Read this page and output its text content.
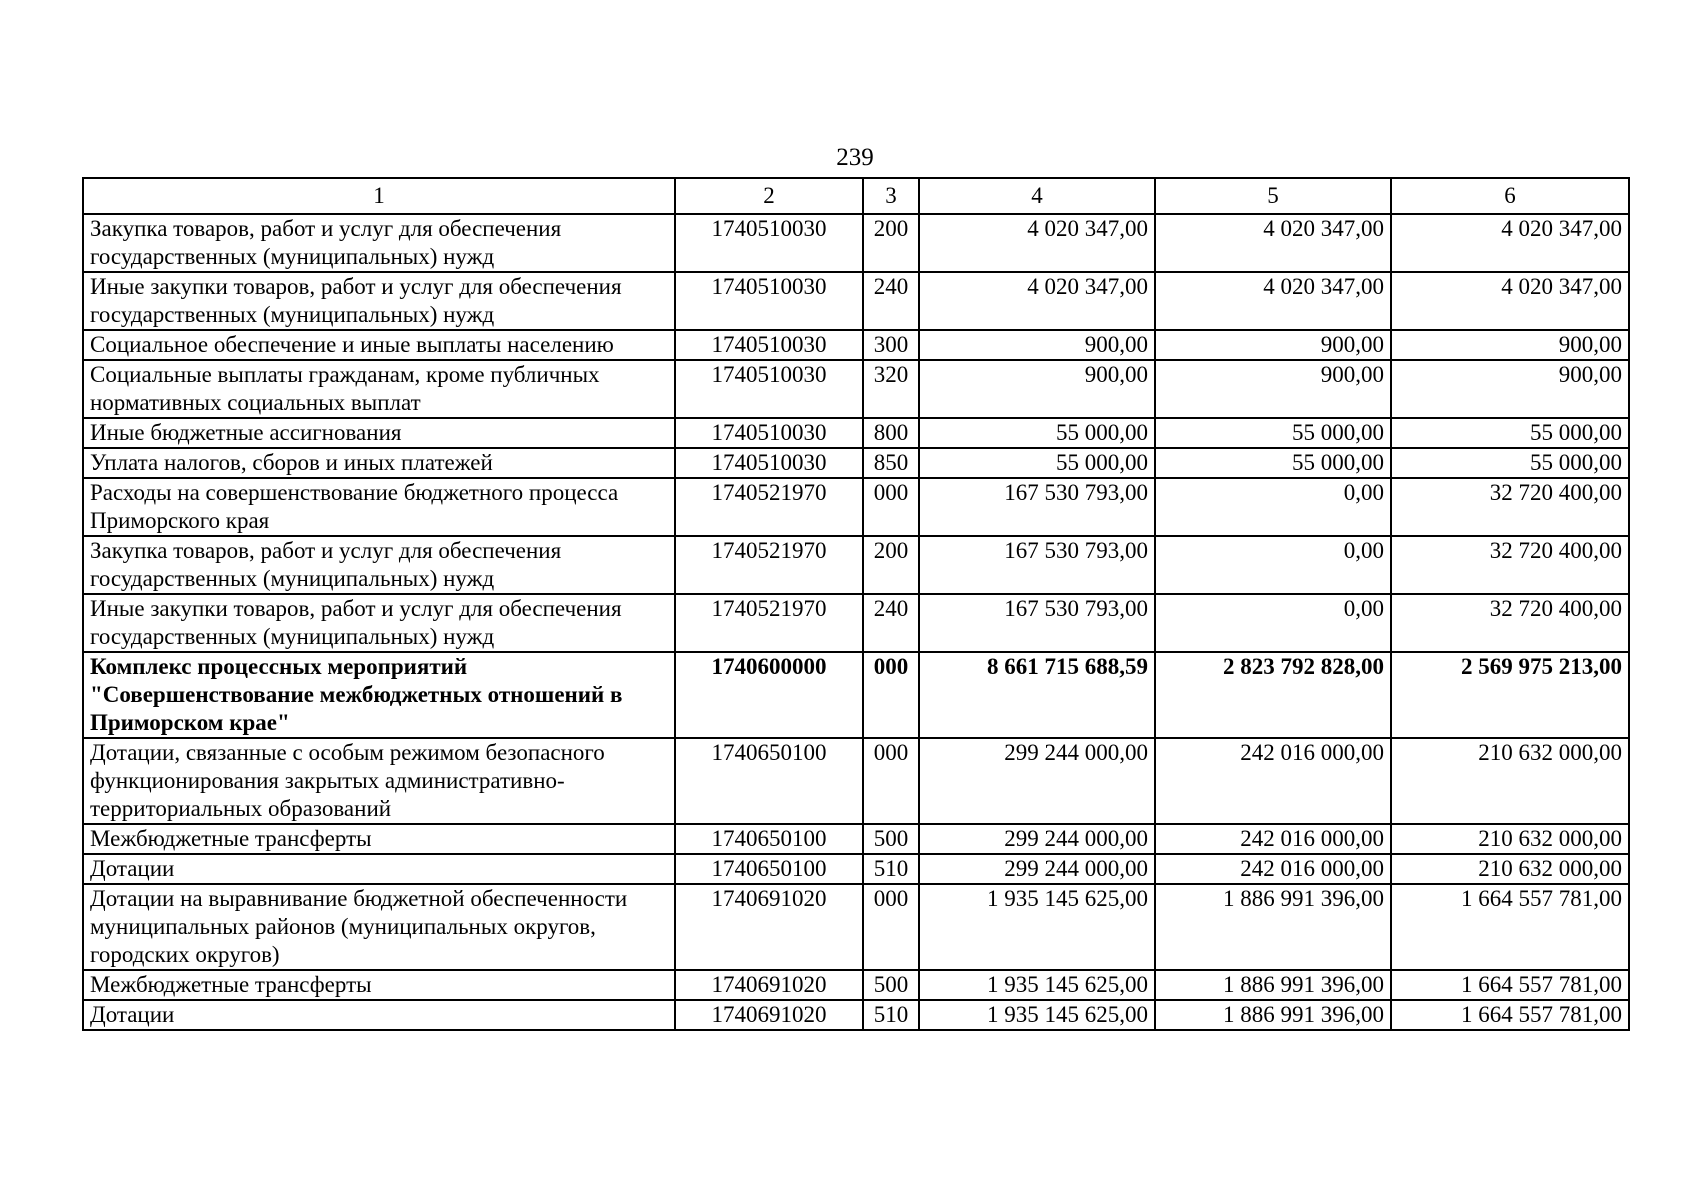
239
1	2	3	4	5	6
Закупка товаров, работ и услуг для обеспечения государственных (муниципальных) нужд	1740510030	200	4 020 347,00	4 020 347,00	4 020 347,00
Иные закупки товаров, работ и услуг для обеспечения государственных (муниципальных) нужд	1740510030	240	4 020 347,00	4 020 347,00	4 020 347,00
Социальное обеспечение и иные выплаты населению	1740510030	300	900,00	900,00	900,00
Социальные выплаты гражданам, кроме публичных нормативных социальных выплат	1740510030	320	900,00	900,00	900,00
Иные бюджетные ассигнования	1740510030	800	55 000,00	55 000,00	55 000,00
Уплата налогов, сборов и иных платежей	1740510030	850	55 000,00	55 000,00	55 000,00
Расходы на совершенствование бюджетного процесса Приморского края	1740521970	000	167 530 793,00	0,00	32 720 400,00
Закупка товаров, работ и услуг для обеспечения государственных (муниципальных) нужд	1740521970	200	167 530 793,00	0,00	32 720 400,00
Иные закупки товаров, работ и услуг для обеспечения государственных (муниципальных) нужд	1740521970	240	167 530 793,00	0,00	32 720 400,00
Комплекс процессных мероприятий "Совершенствование межбюджетных отношений в Приморском крае"	1740600000	000	8 661 715 688,59	2 823 792 828,00	2 569 975 213,00
Дотации, связанные с особым режимом безопасного функционирования закрытых административно-территориальных образований	1740650100	000	299 244 000,00	242 016 000,00	210 632 000,00
Межбюджетные трансферты	1740650100	500	299 244 000,00	242 016 000,00	210 632 000,00
Дотации	1740650100	510	299 244 000,00	242 016 000,00	210 632 000,00
Дотации на выравнивание бюджетной обеспеченности муниципальных районов (муниципальных округов, городских округов)	1740691020	000	1 935 145 625,00	1 886 991 396,00	1 664 557 781,00
Межбюджетные трансферты	1740691020	500	1 935 145 625,00	1 886 991 396,00	1 664 557 781,00
Дотации	1740691020	510	1 935 145 625,00	1 886 991 396,00	1 664 557 781,00
